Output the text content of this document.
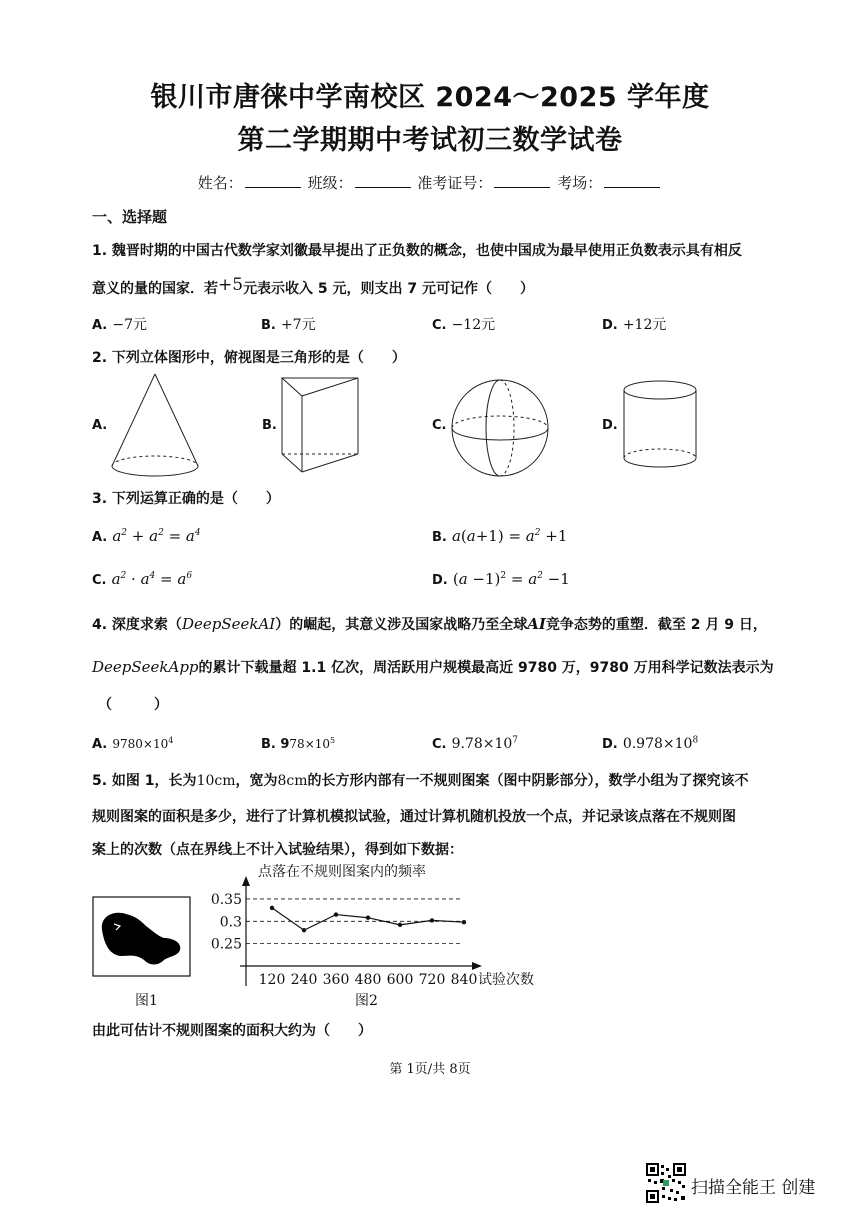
银川市唐徕中学南校区 2024～2025 学年度
第二学期期中考试初三数学试卷
姓名：	班级：	准考证号：	考场：
一、选择题
1. 魏晋时期的中国古代数学家刘徽最早提出了正负数的概念，也使中国成为最早使用正负数表示具有相反
意义的量的国家．若+5元表示收入 5 元，则支出 7 元可记作（　　）
A. −7元	B. +7元	C. −12元	D. +12元
2. 下列立体图形中，俯视图是三角形的是（　　）
A.	B.	C.	D.
3. 下列运算正确的是（　　）
A. $a^2 + a^2 = a^4$	B. $a(a+1) = a^2 +1$
C. $a^2 \cdot a^4 = a^6$	D. $(a -1)^2 = a^2 -1$
4. 深度求索（DeepSeekAI）的崛起，其意义涉及国家战略乃至全球AI竞争态势的重塑．截至 2 月 9 日，
DeepSeekApp的累计下载量超 1.1 亿次，周活跃用户规模最高近 9780 万，9780 万用科学记数法表示为
（　　　）
A. $9780\times 10^4$	B. $978\times 10^5$	C. $9.78\times 10^7$	D. $0.978\times 10^8$
5. 如图 1，长为10cm，宽为8cm的长方形内部有一不规则图案（图中阴影部分），数学小组为了探究该不
规则图案的面积是多少，进行了计算机模拟试验，通过计算机随机投放一个点，并记录该点落在不规则图
案上的次数（点在界线上不计入试验结果），得到如下数据：
图1
点落在不规则图案内的频率
试验次数
0.35
0.3
0.25
120 240 360 480 600 720 840
图2
由此可估计不规则图案的面积大约为（　　）
第 1页/共 8页
扫描全能王 创建
